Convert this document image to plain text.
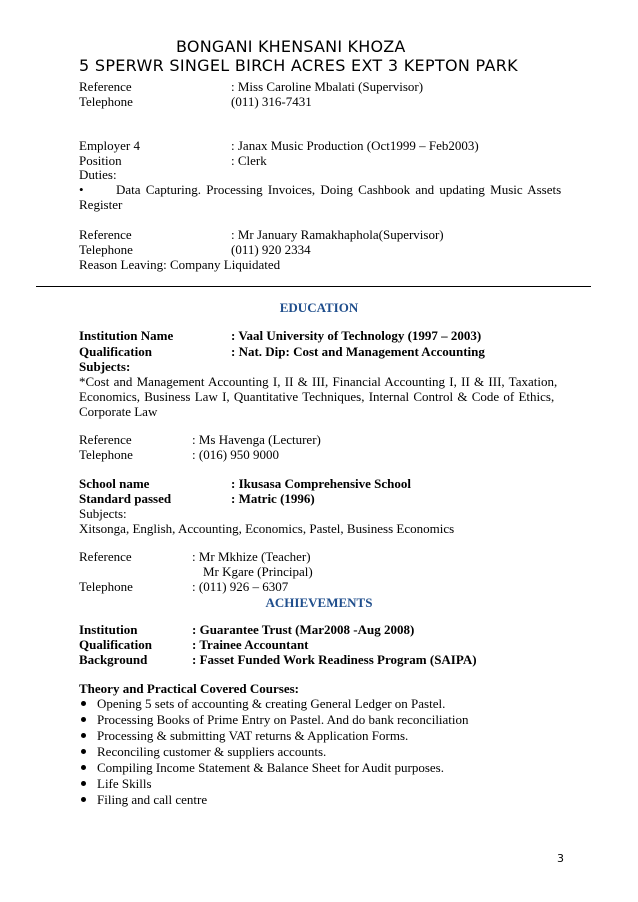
BONGANI KHENSANI KHOZA
5 SPERWR SINGEL BIRCH ACRES EXT 3 KEPTON PARK
Reference	: Miss Caroline Mbalati (Supervisor)
Telephone	(011) 316-7431
Employer 4	: Janax Music Production (Oct1999 – Feb2003)
Position	: Clerk
Duties:
• Data Capturing. Processing Invoices, Doing Cashbook and updating Music Assets
Register
Reference	: Mr January Ramakhaphola(Supervisor)
Telephone	(011) 920 2334
Reason Leaving: Company Liquidated
EDUCATION
Institution Name	: Vaal University of Technology (1997 – 2003)
Qualification	: Nat. Dip: Cost and Management Accounting
Subjects:
*Cost and Management Accounting I, II & III, Financial Accounting I, II & III, Taxation,
Economics, Business Law I, Quantitative Techniques, Internal Control & Code of Ethics,
Corporate Law
Reference	: Ms Havenga (Lecturer)
Telephone	: (016) 950 9000
School name	: Ikusasa Comprehensive School
Standard passed	: Matric (1996)
Subjects:
Xitsonga, English, Accounting, Economics, Pastel, Business Economics
Reference	: Mr Mkhize (Teacher)
Mr Kgare (Principal)
Telephone	: (011) 926 – 6307
ACHIEVEMENTS
Institution	: Guarantee Trust (Mar2008 -Aug 2008)
Qualification	: Trainee Accountant
Background	: Fasset Funded Work Readiness Program (SAIPA)
Theory and Practical Covered Courses:
Opening 5 sets of accounting & creating General Ledger on Pastel.
Processing Books of Prime Entry on Pastel. And do bank reconciliation
Processing & submitting VAT returns & Application Forms.
Reconciling customer & suppliers accounts.
Compiling Income Statement & Balance Sheet for Audit purposes.
Life Skills
Filing and call centre
3
